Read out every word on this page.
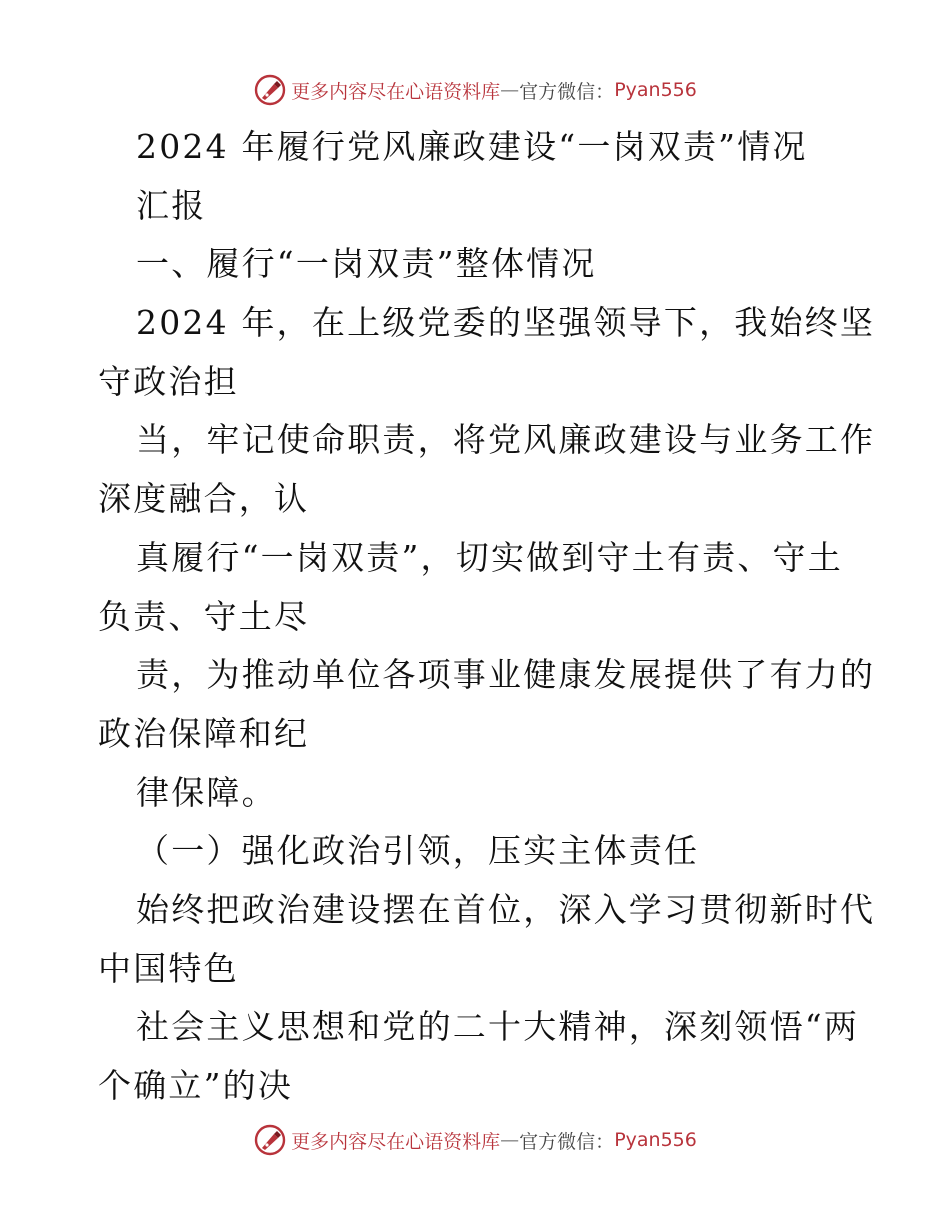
更多内容尽在心语资料库 — 官方微信： Pyan556
2024 年履行党风廉政建设“一岗双责”情况
汇报
一、履行“一岗双责”整体情况
2024 年，在上级党委的坚强领导下，我始终坚
守政治担
当，牢记使命职责，将党风廉政建设与业务工作
深度融合，认
真履行“一岗双责”，切实做到守土有责、守土
负责、守土尽
责，为推动单位各项事业健康发展提供了有力的
政治保障和纪
律保障。
（一）强化政治引领，压实主体责任
始终把政治建设摆在首位，深入学习贯彻新时代
中国特色
社会主义思想和党的二十大精神，深刻领悟“两
个确立”的决
更多内容尽在心语资料库 — 官方微信： Pyan556
